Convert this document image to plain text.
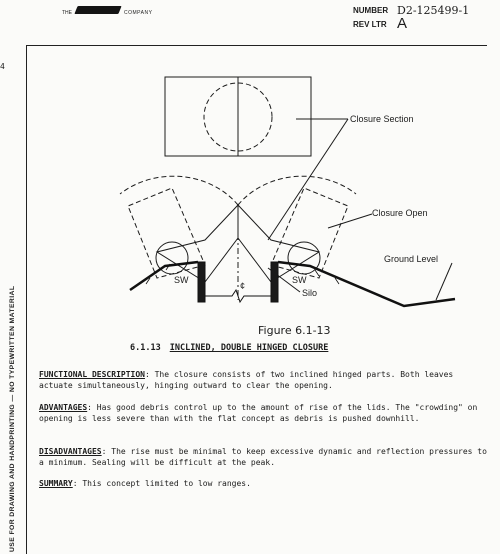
THE	COMPANY	NUMBER D2-125499-1
REV LTR A
4
USE FOR DRAWING AND HANDPRINTING — NO TYPEWRITTEN MATERIAL
Closure Section
Closure Open
Ground Level
Silo
¢
SW	SW
Figure 6.1-13
6.1.13 INCLINED, DOUBLE HINGED CLOSURE
FUNCTIONAL DESCRIPTION: The closure consists of two inclined hinged parts. Both leaves actuate simultaneously, hinging outward to clear the opening.
ADVANTAGES: Has good debris control up to the amount of rise of the lids. The "crowding" on opening is less severe than with the flat concept as debris is pushed downhill.
DISADVANTAGES: The rise must be minimal to keep excessive dynamic and reflection pressures to a minimum. Sealing will be difficult at the peak.
SUMMARY: This concept limited to low ranges.
